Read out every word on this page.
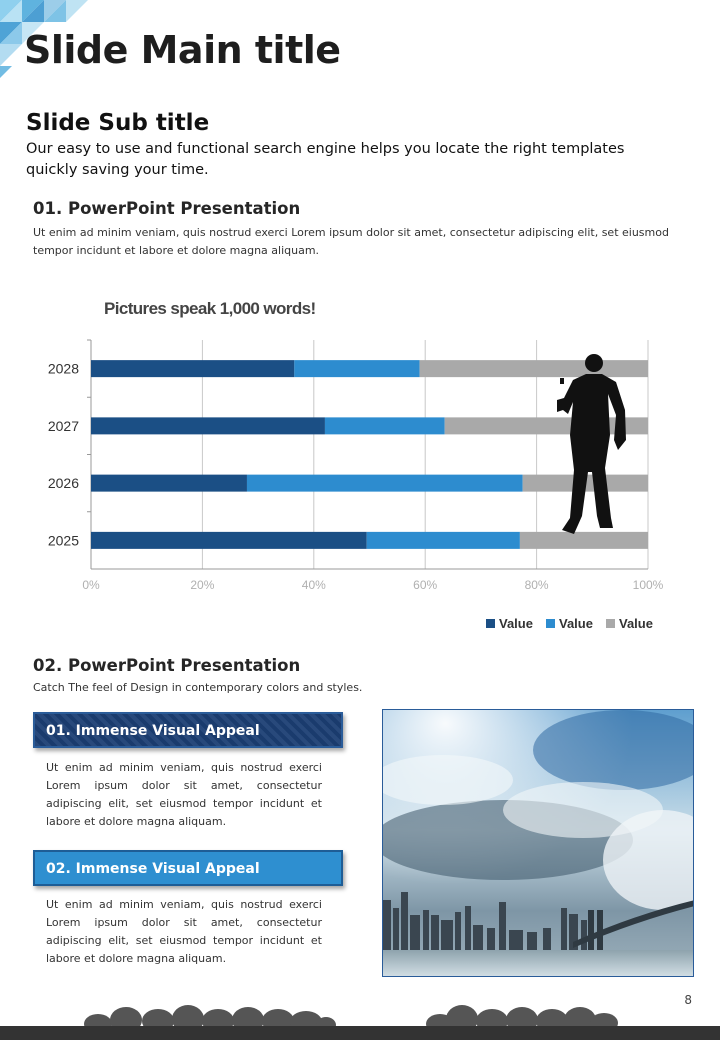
Slide Main title
Slide Sub title

Our easy to use and functional search engine helps you locate the right templates quickly saving your time.

01. PowerPoint Presentation

Ut enim ad minim veniam, quis nostrud exerci Lorem ipsum dolor sit amet, consectetur adipiscing elit, set eiusmod tempor incidunt et labore et dolore magna aliquam.

Pictures speak 1,000 words!
0%	20%	40%	60%	80%	100%
2025
2026
2027
2028
Value Value Value
02. PowerPoint Presentation

Catch The feel of Design in contemporary colors and styles.

01. Immense Visual Appeal

Ut enim ad minim veniam, quis nostrud exerci Lorem ipsum dolor sit amet, consectetur adipiscing elit, set eiusmod tempor incidunt et labore et dolore magna aliquam.

02. Immense Visual Appeal

Ut enim ad minim veniam, quis nostrud exerci Lorem ipsum dolor sit amet, consectetur adipiscing elit, set eiusmod tempor incidunt et labore et dolore magna aliquam.

8
